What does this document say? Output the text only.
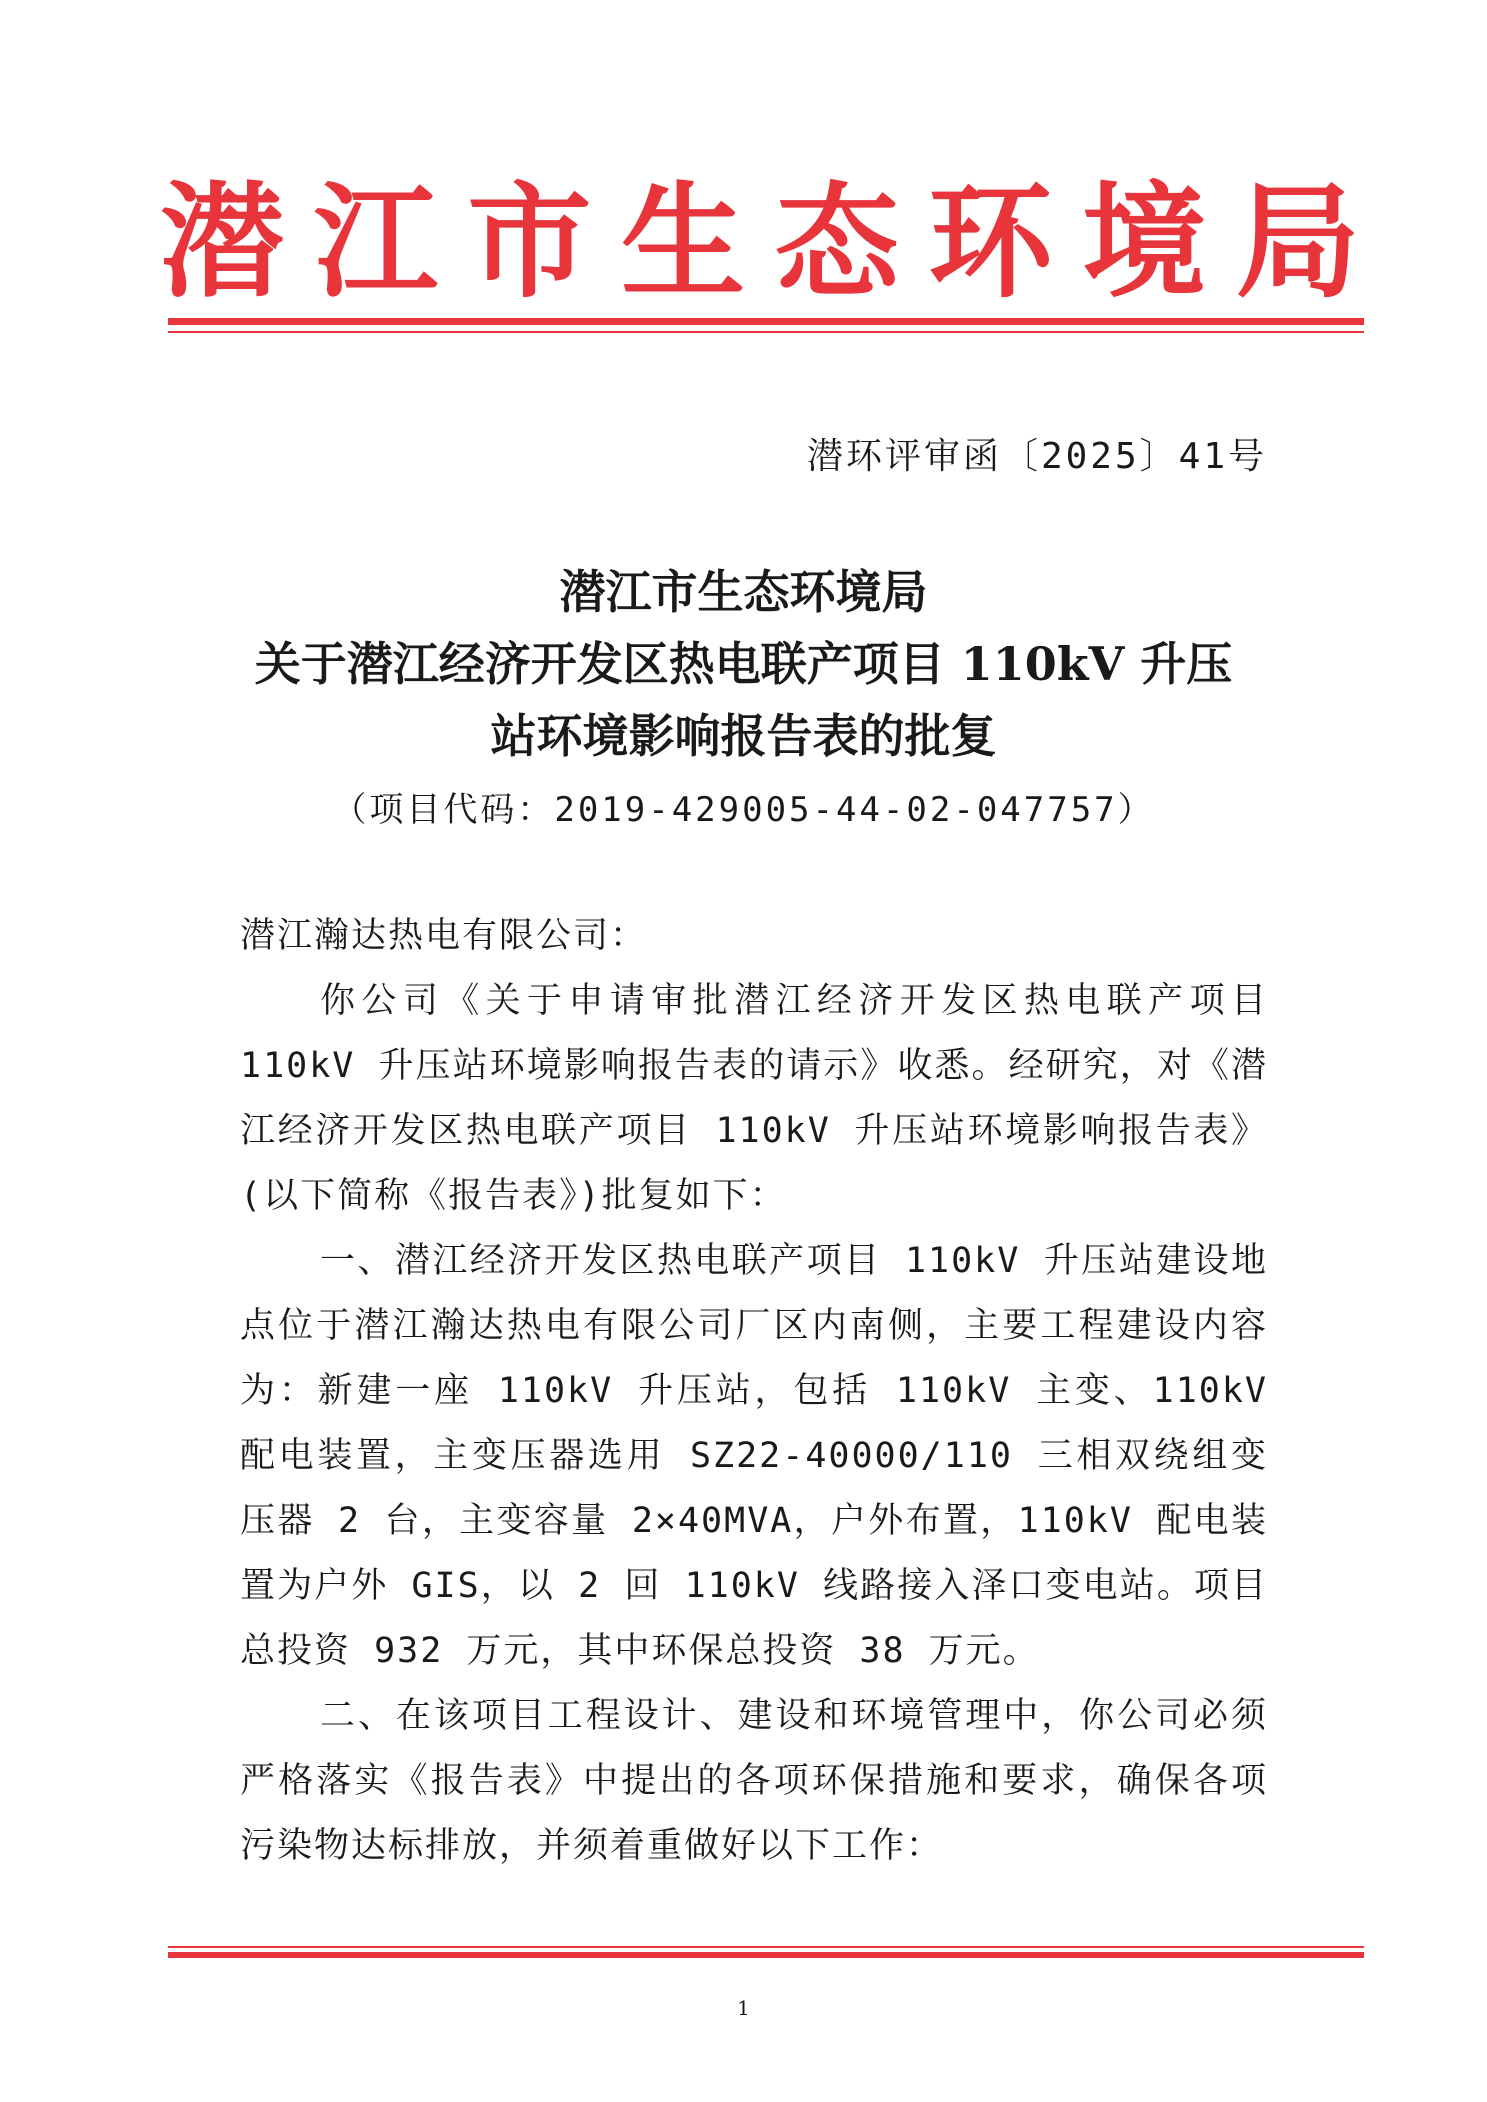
潜 江 市 生 态 环 境 局
潜环评审函〔2025〕41号
潜江市生态环境局
关于潜江经济开发区热电联产项目 110kV 升压
站环境影响报告表的批复
（项目代码：2019-429005-44-02-047757）
潜江瀚达热电有限公司：

你公司《关于申请审批潜江经济开发区热电联产项目 110kV 升压站环境影响报告表的请示》收悉。经研究，对《潜江经济开发区热电联产项目 110kV 升压站环境影响报告表》(以下简称《报告表》)批复如下：

一、潜江经济开发区热电联产项目 110kV 升压站建设地点位于潜江瀚达热电有限公司厂区内南侧，主要工程建设内容为：新建一座 110kV 升压站，包括 110kV 主变、110kV 配电装置，主变压器选用 SZ22-40000/110 三相双绕组变压器 2 台，主变容量 2×40MVA，户外布置，110kV 配电装置为户外 GIS，以 2 回 110kV 线路接入泽口变电站。项目总投资 932 万元，其中环保总投资 38 万元。

二、在该项目工程设计、建设和环境管理中，你公司必须严格落实《报告表》中提出的各项环保措施和要求，确保各项污染物达标排放，并须着重做好以下工作：

1
